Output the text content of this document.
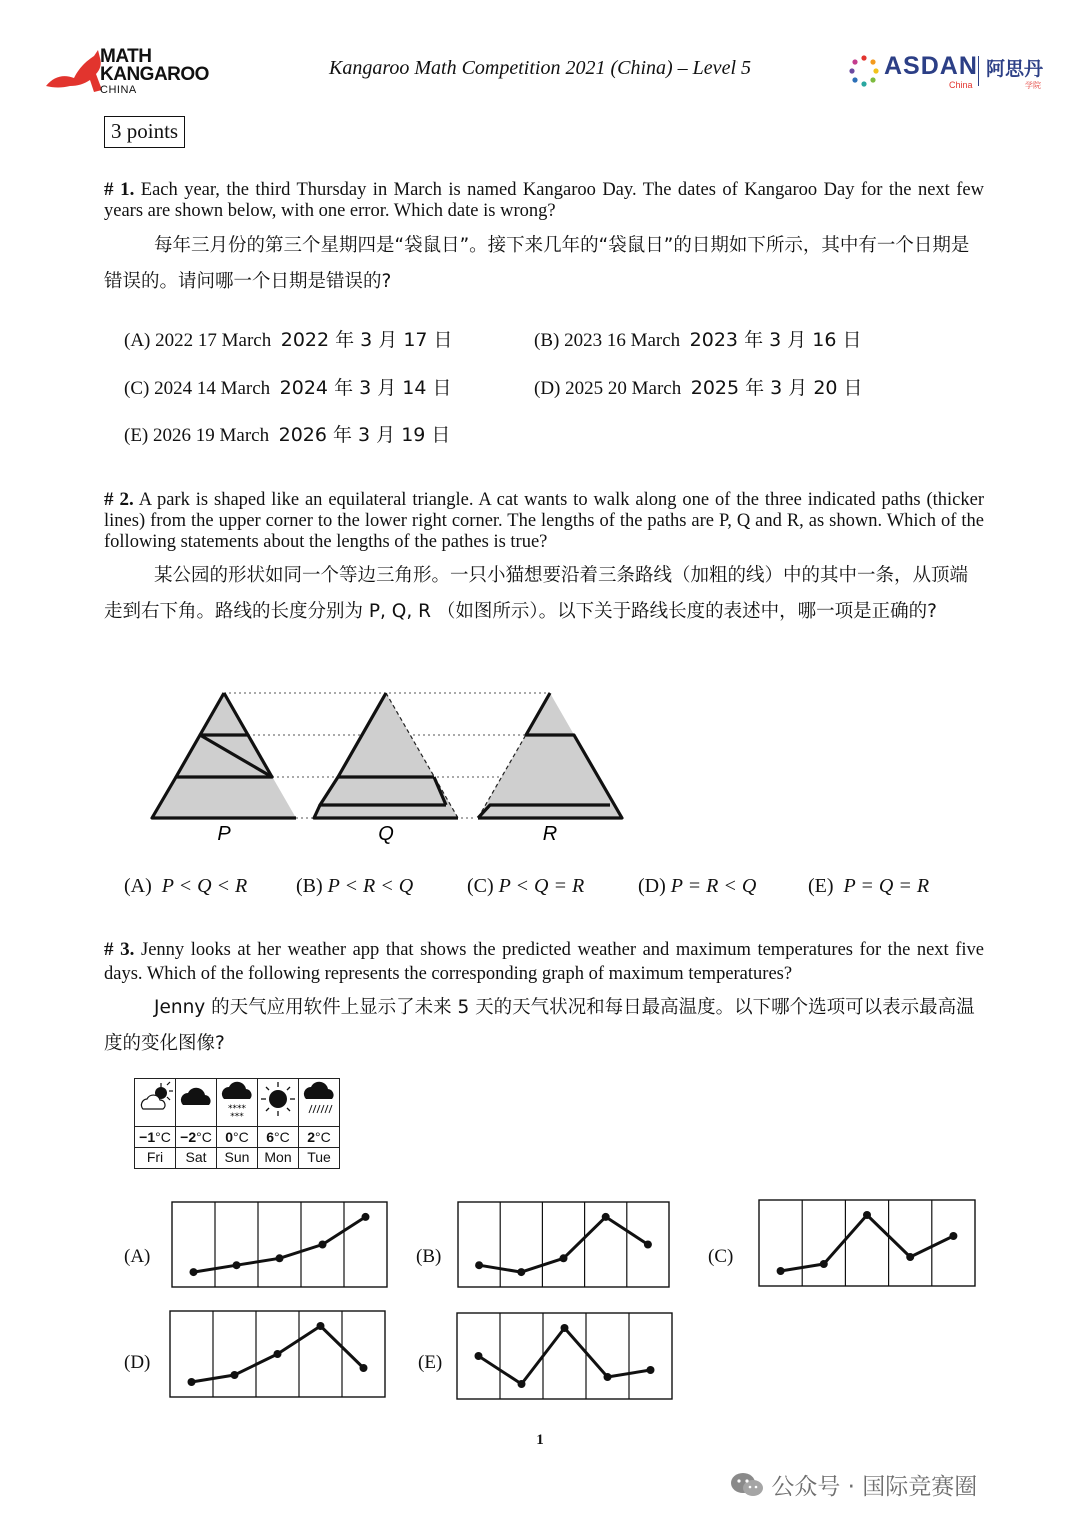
MATH
KANGAROO
CHINA
Kangaroo Math Competition 2021 (China) – Level 5	ASDAN
China
阿思丹
学院
3 points
# 1. Each year, the third Thursday in March is named Kangaroo Day. The dates of Kangaroo Day for the next few years are shown below, with one error. Which date is wrong?
每年三月份的第三个星期四是“袋鼠日”。接下来几年的“袋鼠日”的日期如下所示，其中有一个日期是错误的。请问哪一个日期是错误的?
(A) 2022 17 March 2022 年 3 月 17 日	(B) 2023 16 March 2023 年 3 月 16 日
(C) 2024 14 March 2024 年 3 月 14 日	(D) 2025 20 March 2025 年 3 月 20 日
(E) 2026 19 March 2026 年 3 月 19 日
# 2. A park is shaped like an equilateral triangle. A cat wants to walk along one of the three indicated paths (thicker lines) from the upper corner to the lower right corner. The lengths of the paths are P, Q and R, as shown. Which of the following statements about the lengths of the pathes is true?
某公园的形状如同一个等边三角形。一只小猫想要沿着三条路线（加粗的线）中的其中一条，从顶端走到右下角。路线的长度分别为 P, Q, R （如图所示）。以下关于路线长度的表述中，哪一项是正确的?
P	Q	R
(A) P < Q < R (B) P < R < Q	(C) P < Q = R	(D) P = R < Q	(E) P = Q = R
# 3. Jenny looks at her weather app that shows the predicted weather and maximum temperatures for the next five days. Which of the following represents the corresponding graph of maximum temperatures?
Jenny 的天气应用软件上显示了未来 5 天的天气状况和每日最高温度。以下哪个选项可以表示最高温度的变化图像?

****
***

−1°C	−2°C	0°C	6°C	2°C
Fri	Sat	Sun	Mon	Tue
(A)	(B)	(C)
(D)	(E)
1
公众号 · 国际竞赛圈
